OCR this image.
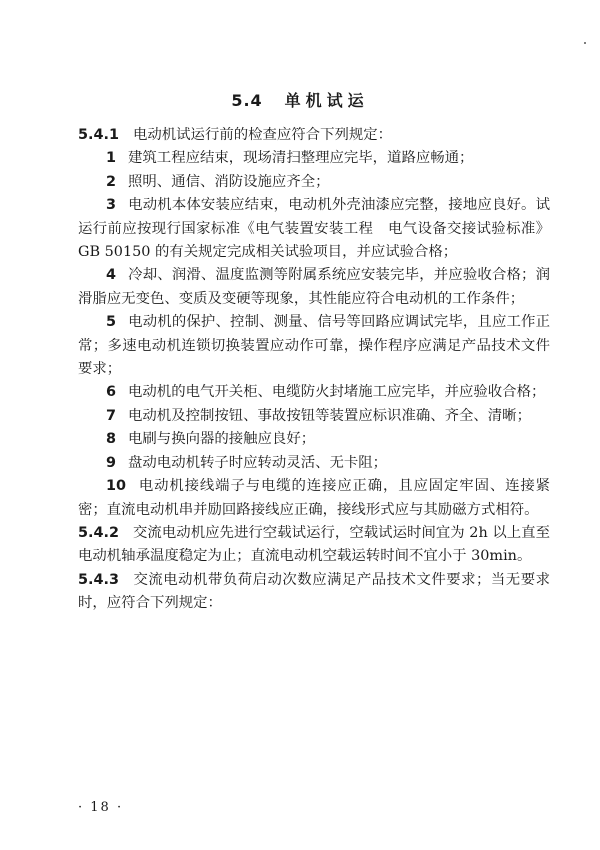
5.4 单机试运

5.4.1 电动机试运行前的检查应符合下列规定：

1 建筑工程应结束，现场清扫整理应完毕，道路应畅通；

2 照明、通信、消防设施应齐全；

3 电动机本体安装应结束，电动机外壳油漆应完整，接地应良好。试运行前应按现行国家标准《电气装置安装工程　电气设备交接试验标准》GB 50150 的有关规定完成相关试验项目，并应试验合格；

4 冷却、润滑、温度监测等附属系统应安装完毕，并应验收合格；润滑脂应无变色、变质及变硬等现象，其性能应符合电动机的工作条件；

5 电动机的保护、控制、测量、信号等回路应调试完毕，且应工作正常；多速电动机连锁切换装置应动作可靠，操作程序应满足产品技术文件要求；

6 电动机的电气开关柜、电缆防火封堵施工应完毕，并应验收合格；

7 电动机及控制按钮、事故按钮等装置应标识准确、齐全、清晰；

8 电刷与换向器的接触应良好；

9 盘动电动机转子时应转动灵活、无卡阻；

10 电动机接线端子与电缆的连接应正确，且应固定牢固、连接紧密；直流电动机串并励回路接线应正确，接线形式应与其励磁方式相符。

5.4.2 交流电动机应先进行空载试运行，空载试运时间宜为 2h 以上直至电动机轴承温度稳定为止；直流电动机空载运转时间不宜小于 30min。

5.4.3 交流电动机带负荷启动次数应满足产品技术文件要求；当无要求时，应符合下列规定：

· 18 ·
